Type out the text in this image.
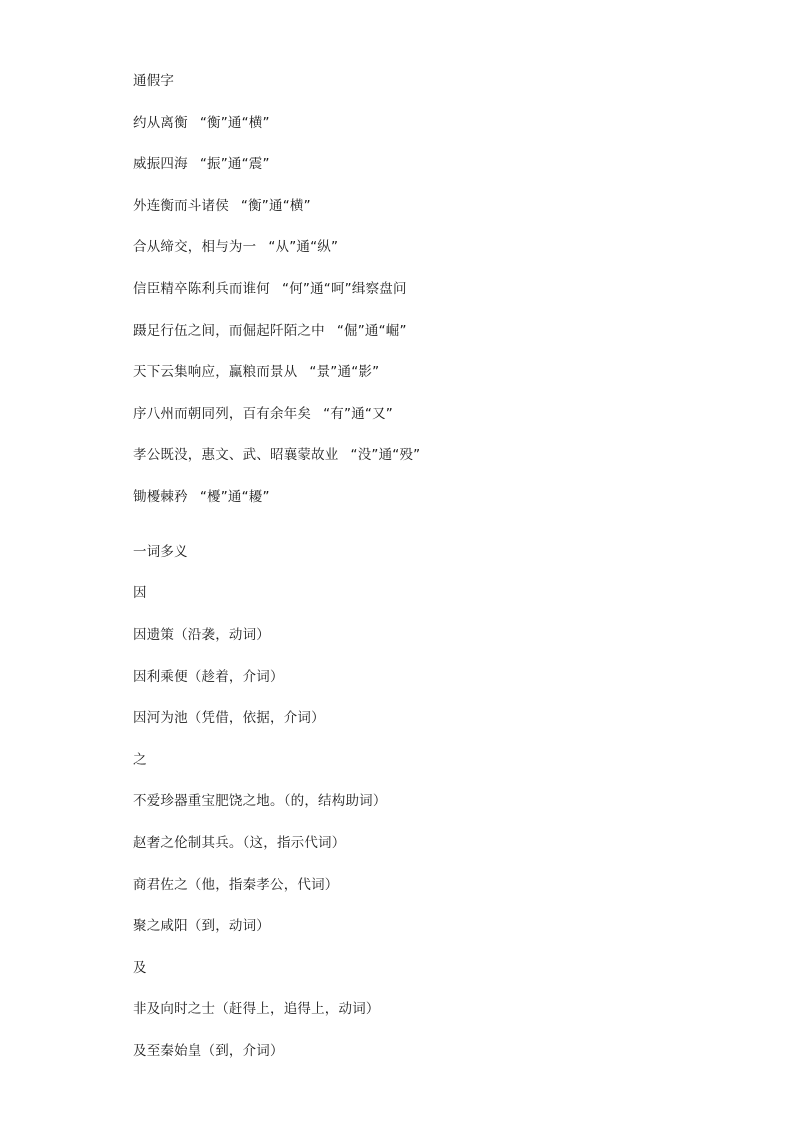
通假字
约从离衡 “衡”通“横”
威振四海 “振”通“震”
外连衡而斗诸侯 “衡”通“横”
合从缔交，相与为一 “从”通“纵”
信臣精卒陈利兵而谁何 “何”通“呵”缉察盘问
蹑足行伍之间，而倔起阡陌之中 “倔”通“崛”
天下云集响应，赢粮而景从 “景”通“影”
序八州而朝同列，百有余年矣 “有”通“又”
孝公既没，惠文、武、昭襄蒙故业 “没”通“殁”
锄櫌棘矜 “櫌”通“耰”
一词多义
因
因遗策（沿袭，动词）
因利乘便（趁着，介词）
因河为池（凭借，依据，介词）
之
不爱珍器重宝肥饶之地。（的，结构助词）
赵奢之伦制其兵。（这，指示代词）
商君佐之（他，指秦孝公，代词）
聚之咸阳（到，动词）
及
非及向时之士（赶得上，追得上，动词）
及至秦始皇（到，介词）
